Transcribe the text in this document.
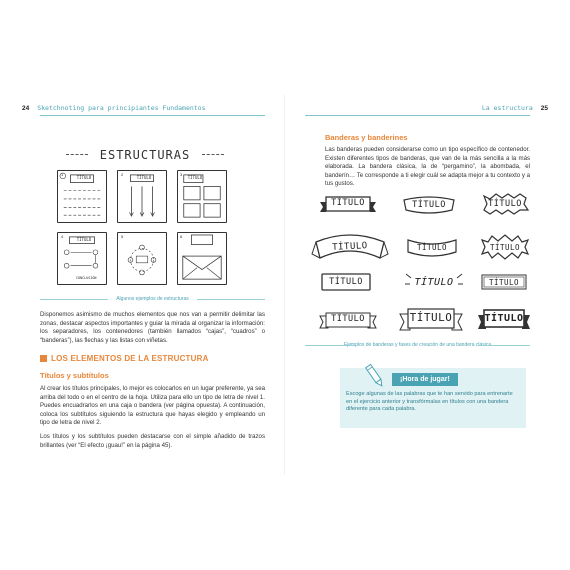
24 Sketchnoting para principiantes Fundamentos
ESTRUCTURAS
1
TÍTULO
2
TÍTULO
3
TÍTULO
4
TÍTULO
CONCLUSIÓN
5	6
Algunos ejemplos de estructuras

Disponemos asimismo de muchos elementos que nos van a permitir delimitar las zonas, destacar aspectos importantes y guiar la mirada al organizar la información: los separadores, los contenedores (también llamados “cajas”, “cuadros” o “banderas”), las flechas y las listas con viñetas.

LOS ELEMENTOS DE LA ESTRUCTURA
Títulos y subtítulos

Al crear los títulos principales, lo mejor es colocarlos en un lugar preferente, ya sea arriba del todo o en el centro de la hoja. Utiliza para ello un tipo de letra de nivel 1. Puedes encuadrarlos en una caja o bandera (ver página opuesta). A continuación, coloca los subtítulos siguiendo la estructura que hayas elegido y empleando un tipo de letra de nivel 2.

Los títulos y los subtítulos pueden destacarse con el simple añadido de trazos brillantes (ver “El efecto ¡guau!” en la página 45).

La estructura 25
Banderas y banderines

Las banderas pueden considerarse como un tipo específico de contenedor. Existen diferentes tipos de banderas, que van de la más sencilla a la más elaborada. La bandera clásica, la de “pergamino”, la abombada, el banderín… Te corresponde a ti elegir cuál se adapta mejor a tu contexto y a tus gustos.

TÍTULO	TÍTULO	TÍTULO
TÍTULO	TÍTULO	TÍTULO
TÍTULO	TÍTULO	TÍTULO
TÍTULO	TÍTULO	TÍTULO
Ejemplos de banderas y fases de creación de una bandera clásica
¡Hora de jugar!

Escoge algunas de las palabras que te han servido para entrenarte en el ejercicio anterior y transfórmalas en títulos con una bandera diferente para cada palabra.
